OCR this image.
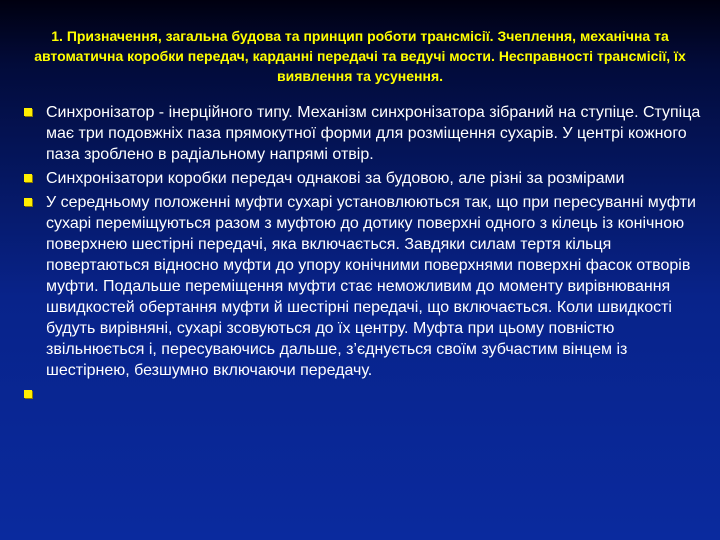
1. Призначення, загальна будова та принцип роботи трансмісії. Зчеплення, механічна та автоматична коробки передач, карданні передачі та ведучі мости. Несправності трансмісії, їх виявлення та усунення.
Синхронізатор - інерційного типу. Механізм синхронізатора зібраний на ступіце. Ступіца має три подовжніх паза прямокутної форми для розміщення сухарів. У центрі кожного паза зроблено в радіальному напрямі отвір.
Синхронізатори коробки передач однакові за будовою, але різні за розмірами
У середньому положенні муфти сухарі установлюються так, що при пересуванні муфти сухарі переміщуються разом з муфтою до дотику поверхні одного з кілець із конічною поверхнею шестірні передачі, яка включається. Завдяки силам тертя кільця повертаються відносно муфти до упору конічними поверхнями поверхні фасок отворів муфти. Подальше переміщення муфти стає неможливим до моменту вирівнювання швидкостей обертання муфти й шестірні передачі, що включається. Коли швидкості будуть вирівняні, сухарі зсовуються до їх центру. Муфта при цьому повністю звільнюється і, пересуваючись дальше, з’єднується своїм зубчастим вінцем із шестірнею, безшумно включаючи передачу.
